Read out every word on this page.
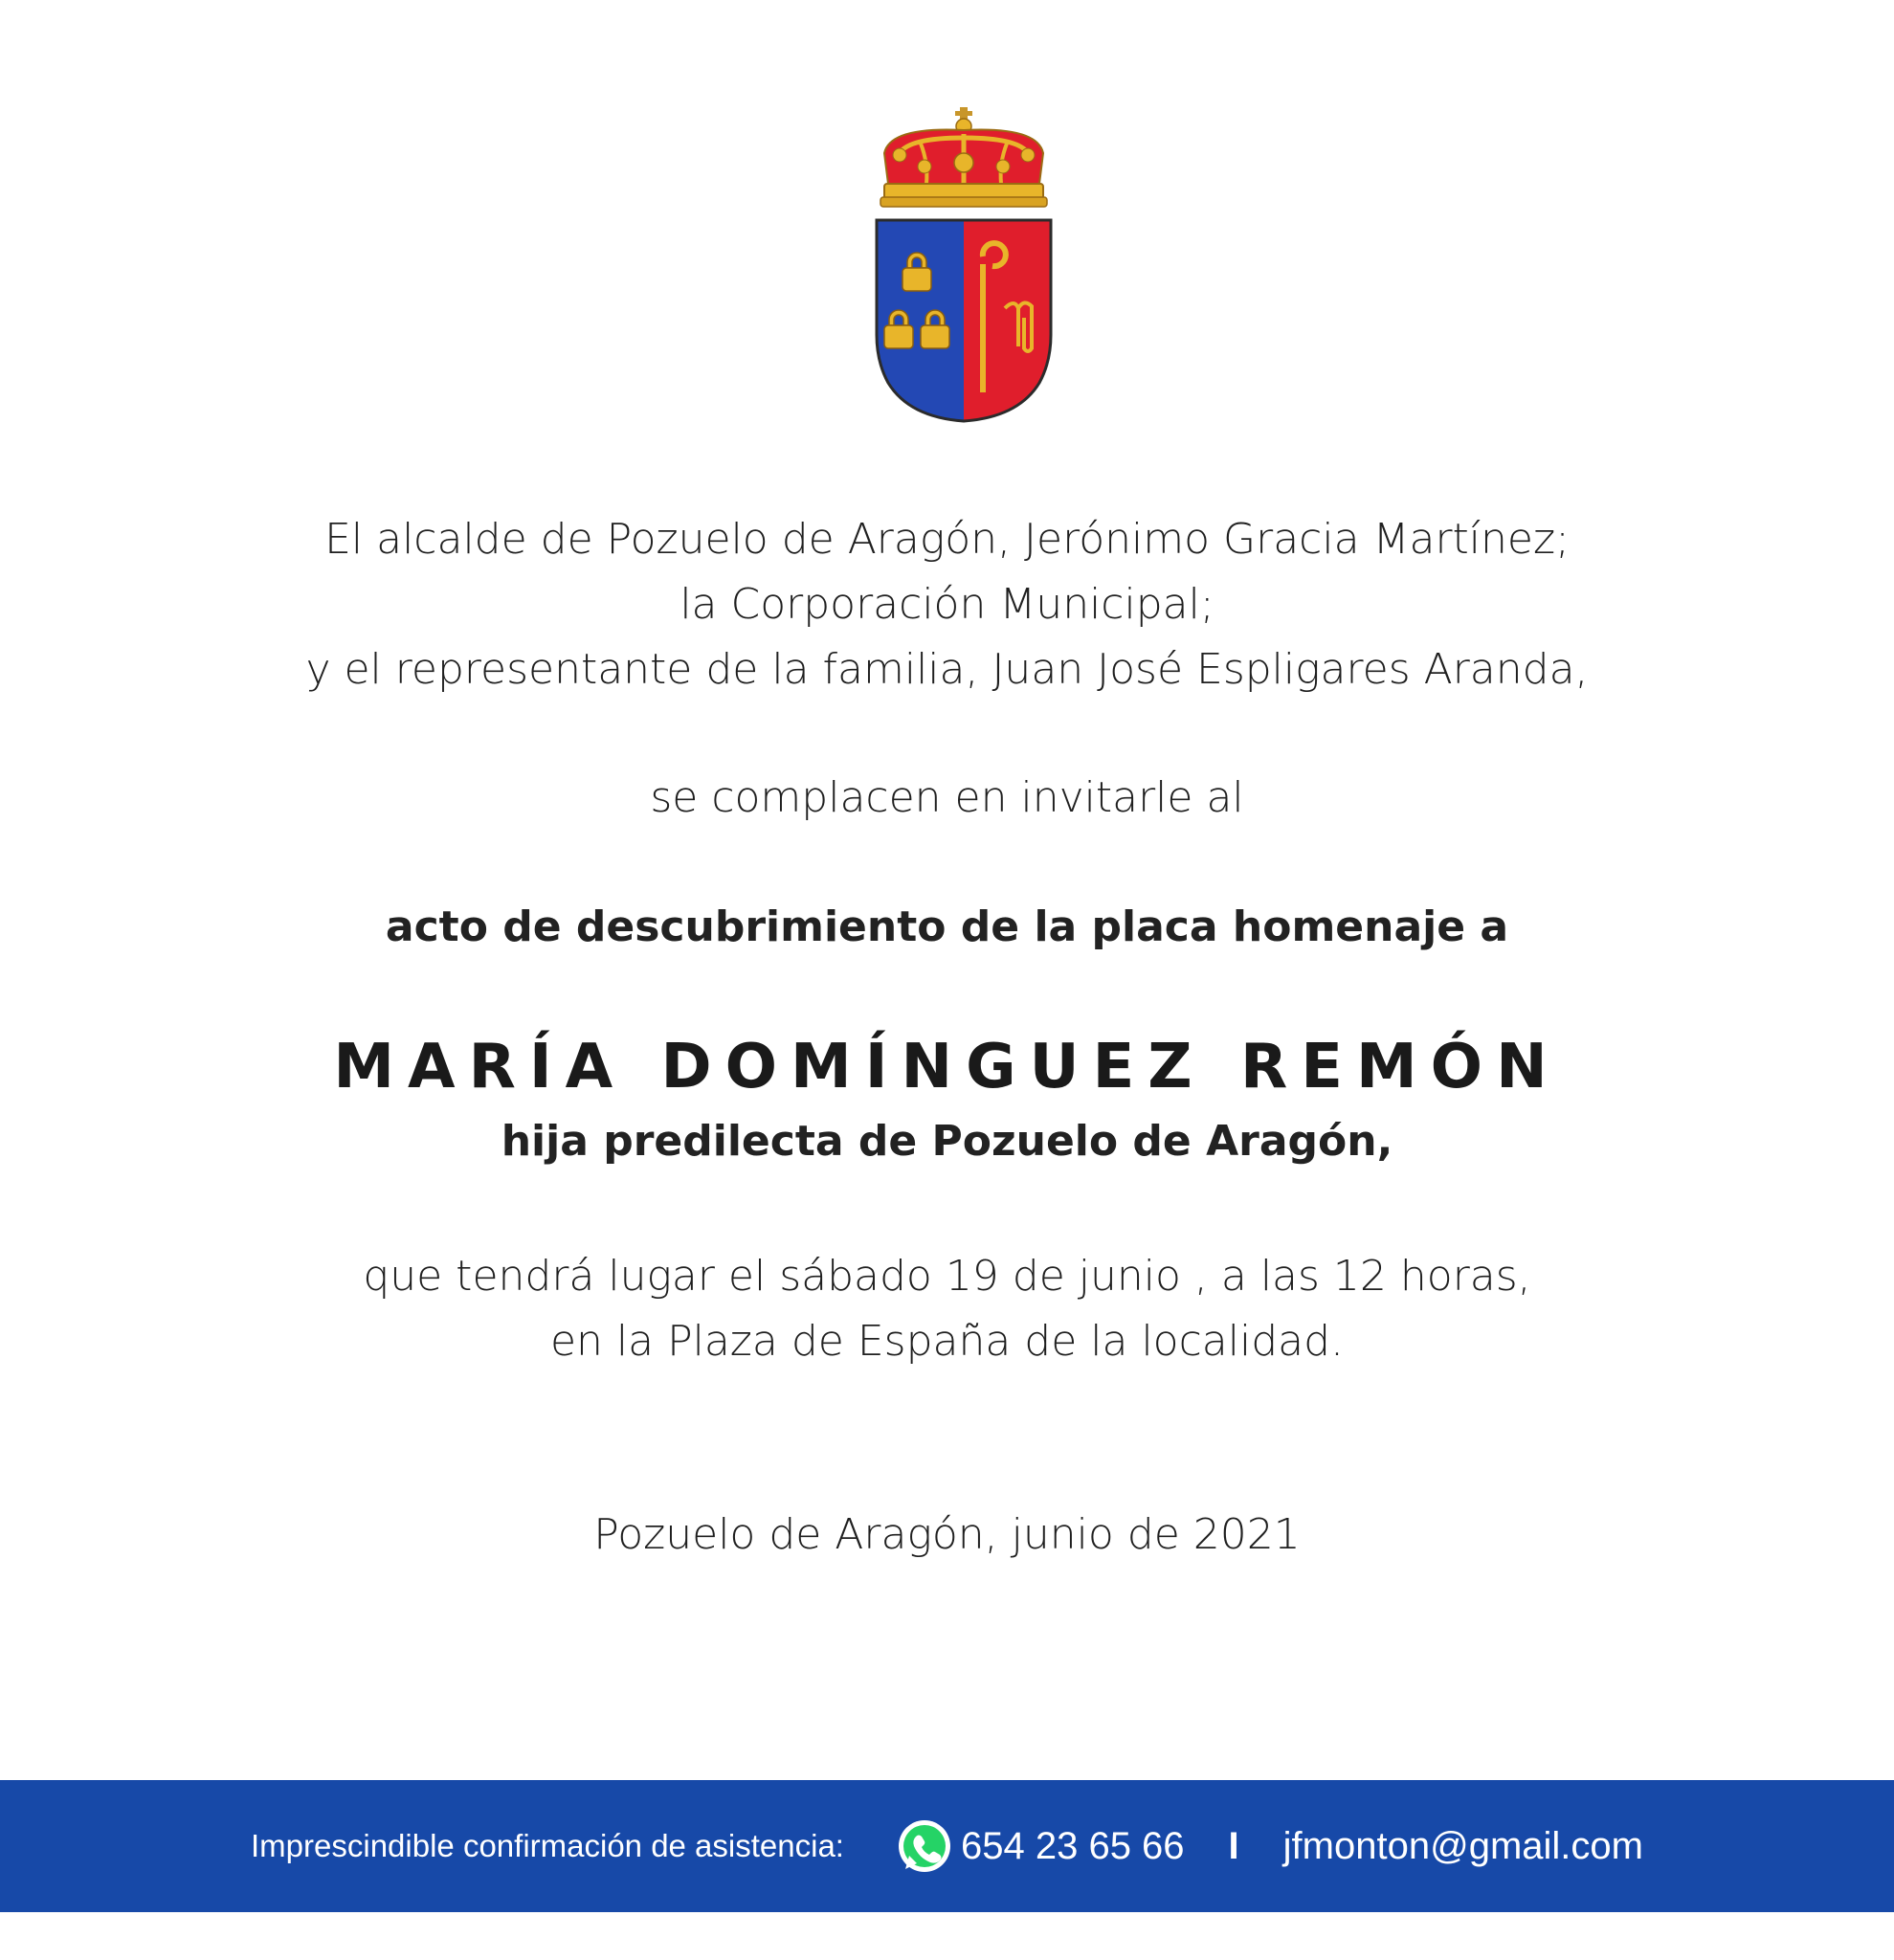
El alcalde de Pozuelo de Aragón, Jerónimo Gracia Martínez;
la Corporación Municipal;
y el representante de la familia, Juan José Espligares Aranda,
se complacen en invitarle al
acto de descubrimiento de la placa homenaje a
MARÍA DOMÍNGUEZ REMÓN
hija predilecta de Pozuelo de Aragón,
que tendrá lugar el sábado 19 de junio , a las 12 horas,
en la Plaza de España de la localidad.
Pozuelo de Aragón, junio de 2021
Imprescindible confirmación de asistencia:	654 23 65 66 I jfmonton@gmail.com
